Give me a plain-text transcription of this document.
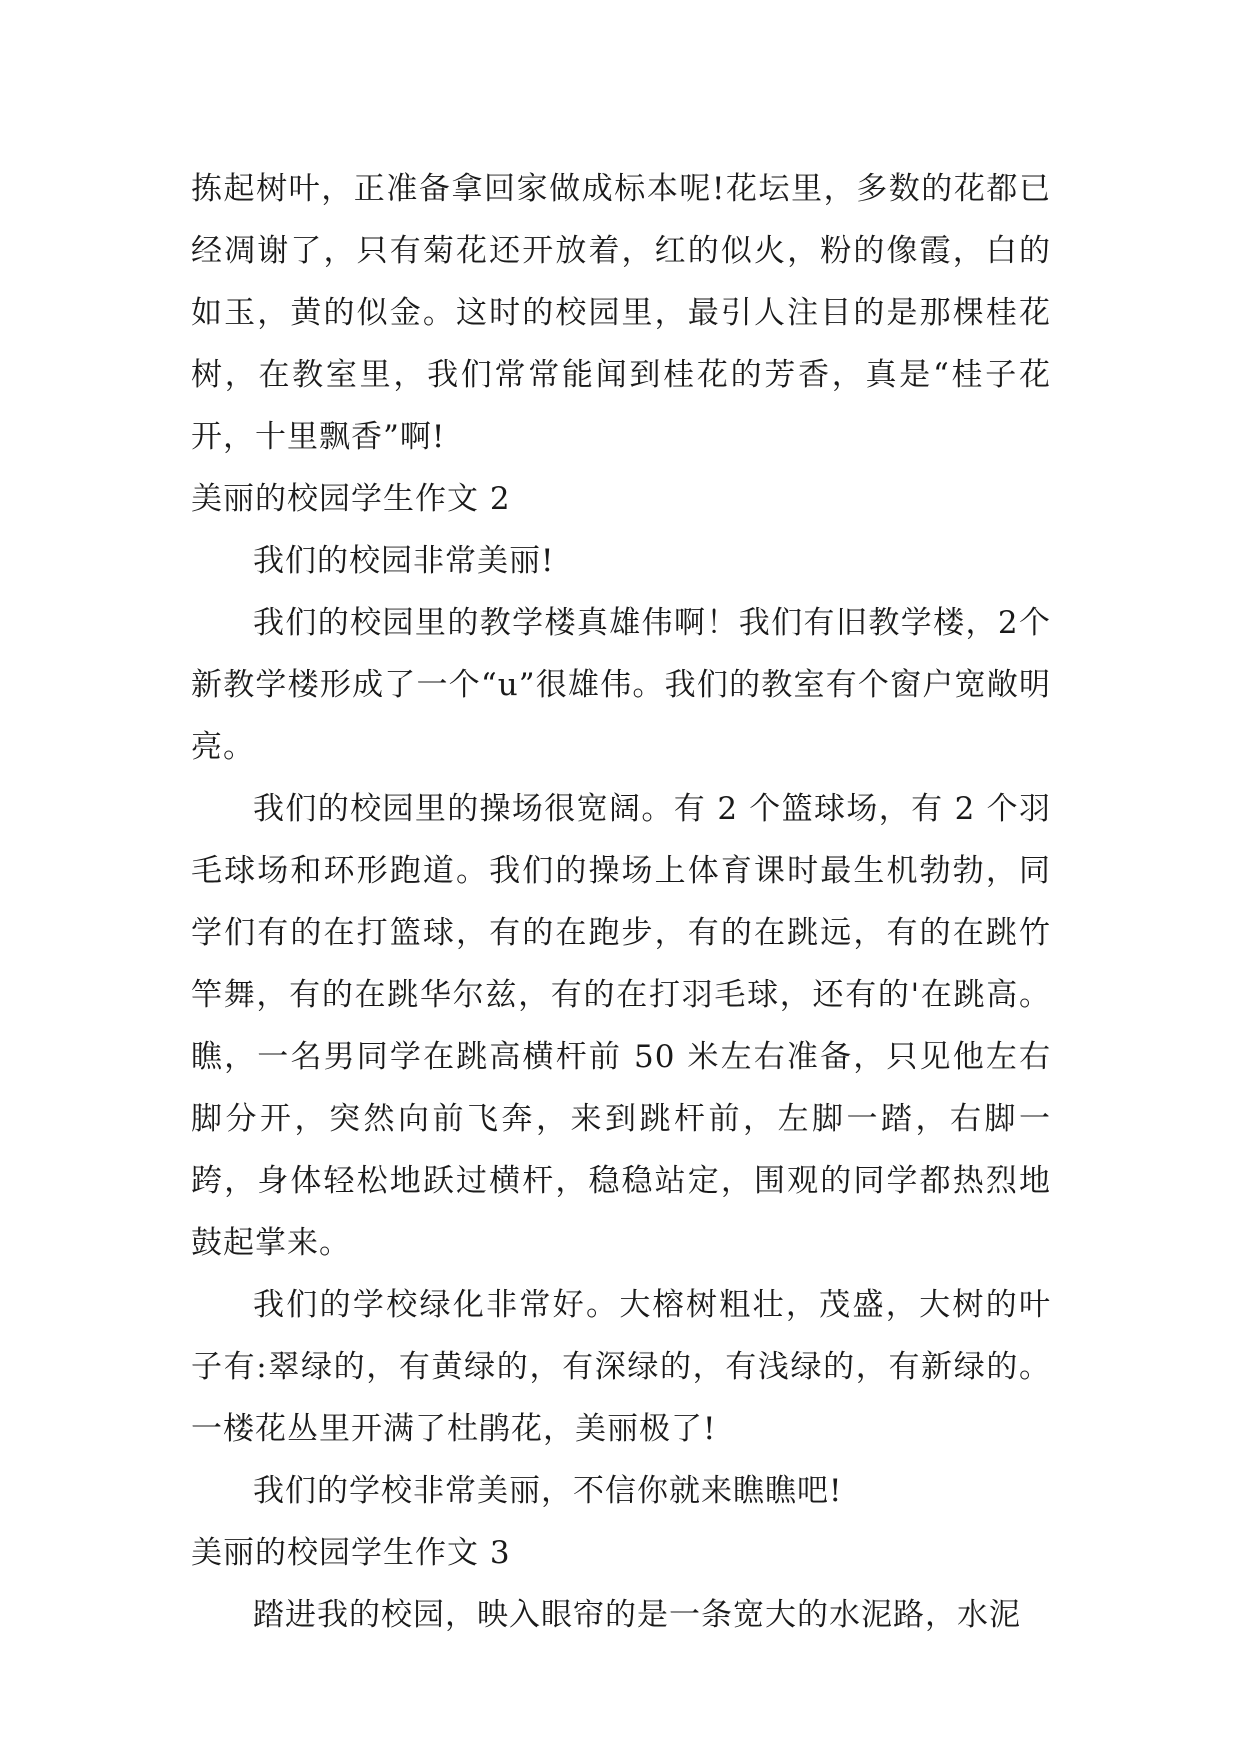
拣起树叶，正准备拿回家做成标本呢!花坛里，多数的花都已经凋谢了，只有菊花还开放着，红的似火，粉的像霞，白的如玉，黄的似金。这时的校园里，最引人注目的是那棵桂花树，在教室里，我们常常能闻到桂花的芳香，真是“桂子花开，十里飘香”啊!

美丽的校园学生作文 2

我们的校园非常美丽!

我们的校园里的教学楼真雄伟啊！我们有旧教学楼，2个新教学楼形成了一个“u”很雄伟。我们的教室有个窗户宽敞明亮。

我们的校园里的操场很宽阔。有 2 个篮球场，有 2 个羽毛球场和环形跑道。我们的操场上体育课时最生机勃勃，同学们有的在打篮球，有的在跑步，有的在跳远，有的在跳竹竿舞，有的在跳华尔兹，有的在打羽毛球，还有的'在跳高。瞧，一名男同学在跳高横杆前 50 米左右准备，只见他左右脚分开，突然向前飞奔，来到跳杆前，左脚一踏，右脚一跨，身体轻松地跃过横杆，稳稳站定，围观的同学都热烈地鼓起掌来。

我们的学校绿化非常好。大榕树粗壮，茂盛，大树的叶子有:翠绿的，有黄绿的，有深绿的，有浅绿的，有新绿的。一楼花丛里开满了杜鹃花，美丽极了!

我们的学校非常美丽，不信你就来瞧瞧吧!

美丽的校园学生作文 3

踏进我的校园，映入眼帘的是一条宽大的水泥路，水泥
